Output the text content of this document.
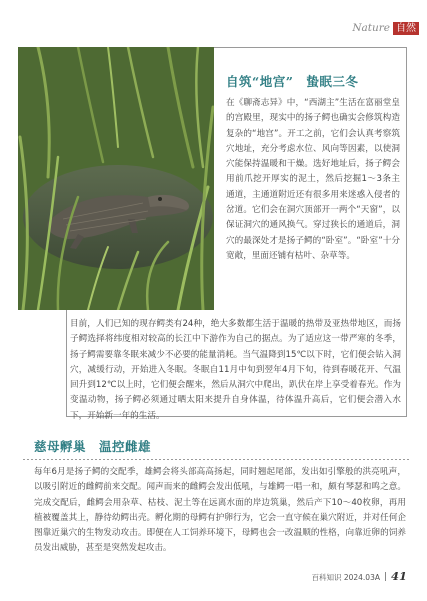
Nature 自然
自筑“地宫”　蛰眠三冬
在《聊斋志异》中，“西湖主”生活在富丽堂皇的宫殿里，现实中的扬子鳄也确实会修筑构造复杂的“地宫”。开工之前，它们会认真考察筑穴地址，充分考虑水位、风向等因素，以使洞穴能保持温暖和干燥。选好地址后，扬子鳄会用前爪挖开厚实的泥土，然后挖掘1～3条主通道，主通道附近还有很多用来迷惑入侵者的岔道。它们会在洞穴顶部开一两个“天窗”，以保证洞穴的通风换气。穿过狭长的通道后，洞穴的最深处才是扬子鳄的“卧室”。“卧室”十分宽敞，里面还铺有枯叶、杂草等。
目前，人们已知的现存鳄类有24种，绝大多数都生活于温暖的热带及亚热带地区，而扬子鳄选择将纬度相对较高的长江中下游作为自己的据点。为了适应这一带严寒的冬季，扬子鳄需要靠冬眠来减少不必要的能量消耗。当气温降到15℃以下时，它们便会钻入洞穴，减缓行动，开始进入冬眠。冬眠自11月中旬到翌年4月下旬，待到春暖花开、气温回升到12℃以上时，它们便会醒来，然后从洞穴中爬出，趴伏在岸上享受着春光。作为变温动物，扬子鳄必须通过晒太阳来提升自身体温，待体温升高后，它们便会潜入水下，开始新一年的生活。
慈母孵巢　温控雌雄
每年6月是扬子鳄的交配季，雄鳄会将头部高高扬起，同时翘起尾部，发出如引擎般的洪亮吼声，以吸引附近的雌鳄前来交配。闻声而来的雌鳄会发出低吼，与雄鳄一唱一和，颇有琴瑟和鸣之意。完成交配后，雌鳄会用杂草、枯枝、泥土等在远离水面的岸边筑巢，然后产下10～40枚卵，再用植被覆盖其上，静待幼鳄出壳。孵化期的母鳄有护卵行为，它会一直守候在巢穴附近，并对任何企图靠近巢穴的生物发动攻击。即便在人工饲养环境下，母鳄也会一改温顺的性格，向靠近卵的饲养员发出威胁，甚至是突然发起攻击。
百科知识 2024.03A 41
